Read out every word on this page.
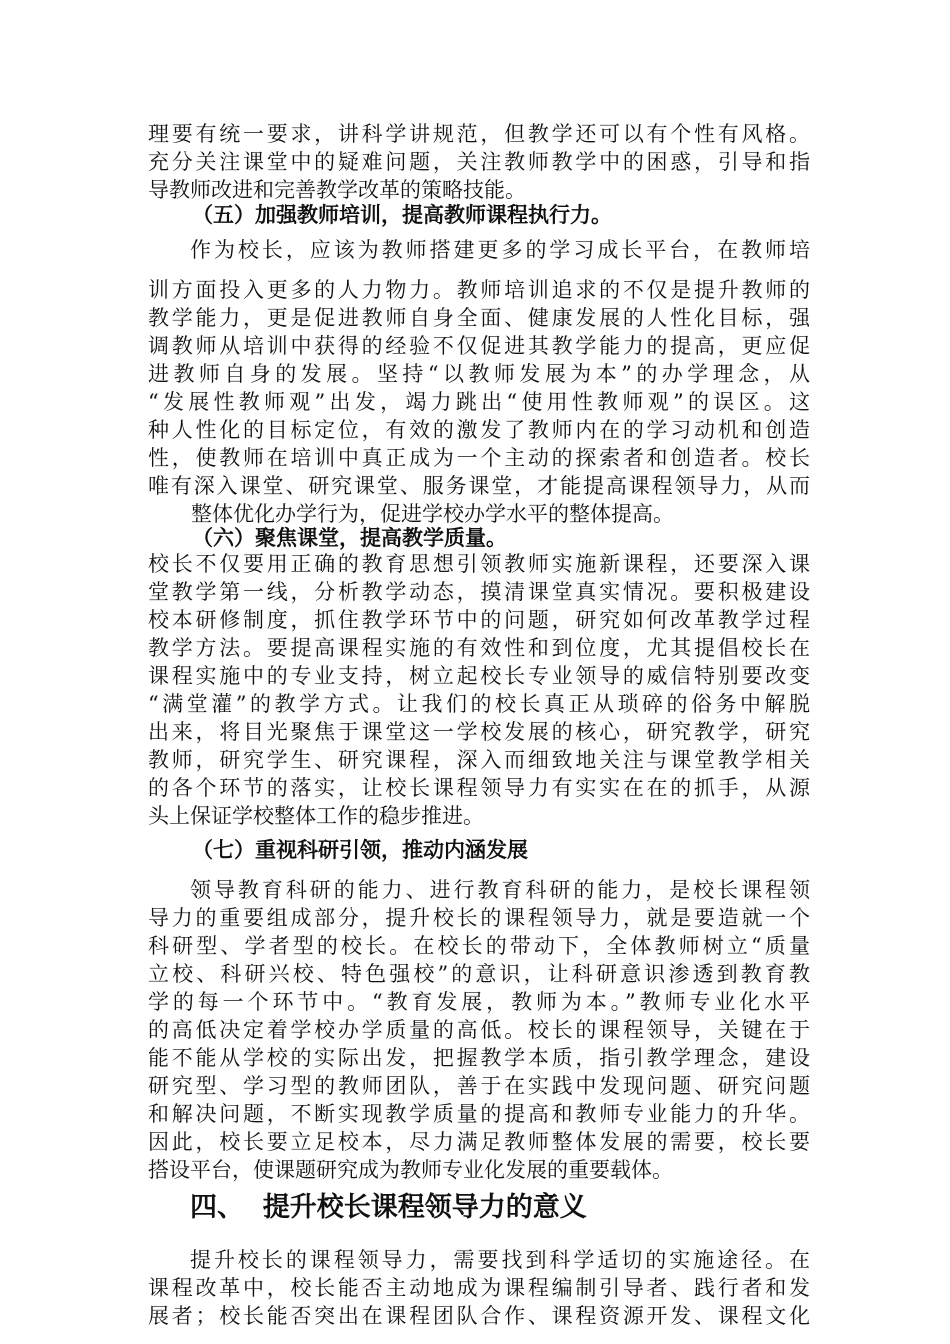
理要有统一要求，讲科学讲规范，但教学还可以有个性有风格。
充分关注课堂中的疑难问题，关注教师教学中的困惑，引导和指
导教师改进和完善教学改革的策略技能。
（五）加强教师培训，提高教师课程执行力。
作为校长，应该为教师搭建更多的学习成长平台，在教师培
训方面投入更多的人力物力。教师培训追求的不仅是提升教师的
教学能力，更是促进教师自身全面、健康发展的人性化目标，强
调教师从培训中获得的经验不仅促进其教学能力的提高，更应促
进教师自身的发展。坚持“以教师发展为本”的办学理念，从
“发展性教师观”出发，竭力跳出“使用性教师观”的误区。这
种人性化的目标定位，有效的激发了教师内在的学习动机和创造
性，使教师在培训中真正成为一个主动的探索者和创造者。校长
唯有深入课堂、研究课堂、服务课堂，才能提高课程领导力，从而
整体优化办学行为，促进学校办学水平的整体提高。
（六）聚焦课堂，提高教学质量。
校长不仅要用正确的教育思想引领教师实施新课程，还要深入课
堂教学第一线，分析教学动态，摸清课堂真实情况。要积极建设
校本研修制度，抓住教学环节中的问题，研究如何改革教学过程
教学方法。要提高课程实施的有效性和到位度，尤其提倡校长在
课程实施中的专业支持，树立起校长专业领导的威信特别要改变
“满堂灌”的教学方式。让我们的校长真正从琐碎的俗务中解脱
出来，将目光聚焦于课堂这一学校发展的核心，研究教学，研究
教师，研究学生、研究课程，深入而细致地关注与课堂教学相关
的各个环节的落实，让校长课程领导力有实实在在的抓手，从源
头上保证学校整体工作的稳步推进。
（七）重视科研引领，推动内涵发展
领导教育科研的能力、进行教育科研的能力，是校长课程领
导力的重要组成部分，提升校长的课程领导力，就是要造就一个
科研型、学者型的校长。在校长的带动下，全体教师树立“质量
立校、科研兴校、特色强校”的意识，让科研意识渗透到教育教
学的每一个环节中。“教育发展，教师为本。”教师专业化水平
的高低决定着学校办学质量的高低。校长的课程领导，关键在于
能不能从学校的实际出发，把握教学本质，指引教学理念，建设
研究型、学习型的教师团队，善于在实践中发现问题、研究问题
和解决问题，不断实现教学质量的提高和教师专业能力的升华。
因此，校长要立足校本，尽力满足教师整体发展的需要，校长要
搭设平台，使课题研究成为教师专业化发展的重要载体。
四、  提升校长课程领导力的意义
提升校长的课程领导力，需要找到科学适切的实施途径。在
课程改革中，校长能否主动地成为课程编制引导者、践行者和发
展者；校长能否突出在课程团队合作、课程资源开发、课程文化
